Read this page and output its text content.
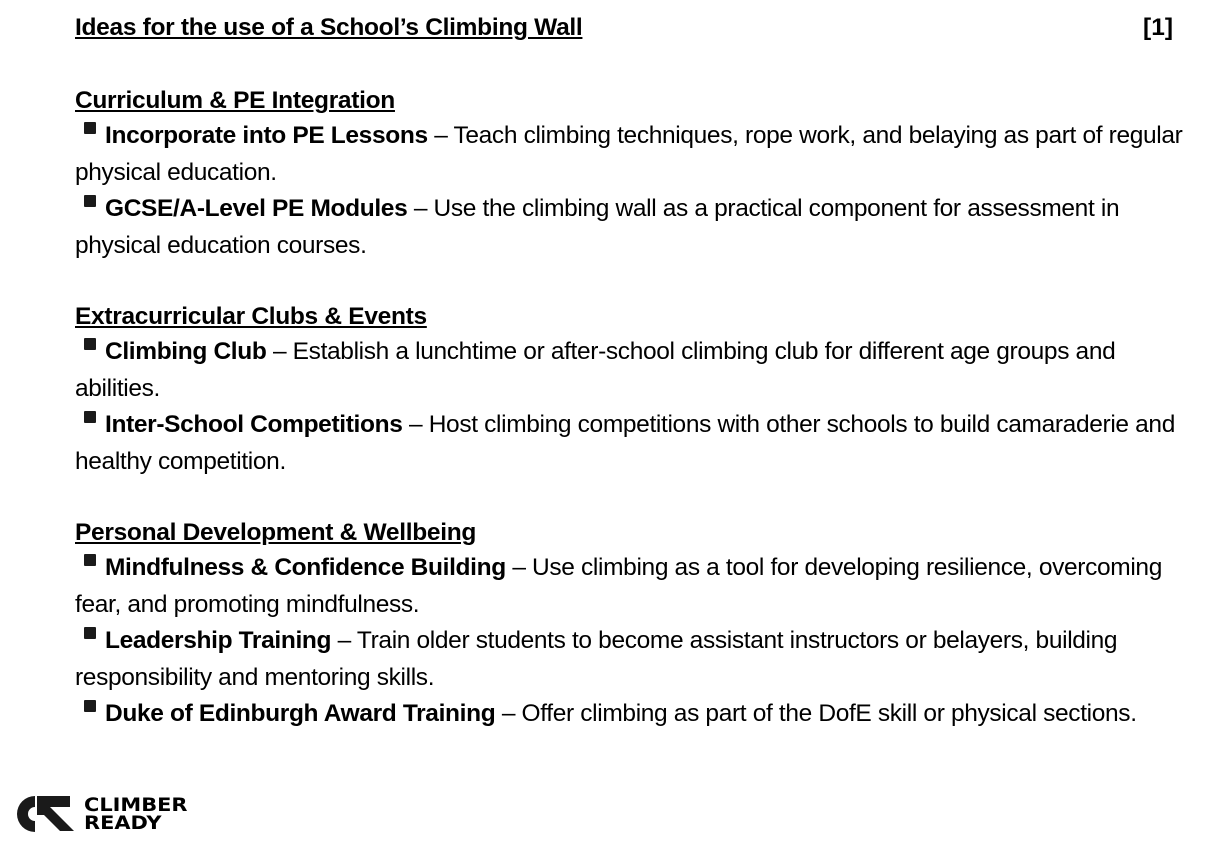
Ideas for the use of a School’s Climbing Wall	[1]
Curriculum & PE Integration

Incorporate into PE Lessons – Teach climbing techniques, rope work, and belaying as part of regular physical education.

GCSE/A-Level PE Modules – Use the climbing wall as a practical component for assessment in physical education courses.

Extracurricular Clubs & Events

Climbing Club – Establish a lunchtime or after-school climbing club for different age groups and abilities.

Inter-School Competitions – Host climbing competitions with other schools to build camaraderie and healthy competition.

Personal Development & Wellbeing

Mindfulness & Confidence Building – Use climbing as a tool for developing resilience, overcoming fear, and promoting mindfulness.

Leadership Training – Train older students to become assistant instructors or belayers, building responsibility and mentoring skills.

Duke of Edinburgh Award Training – Offer climbing as part of the DofE skill or physical sections.

CLIMBER
READY
